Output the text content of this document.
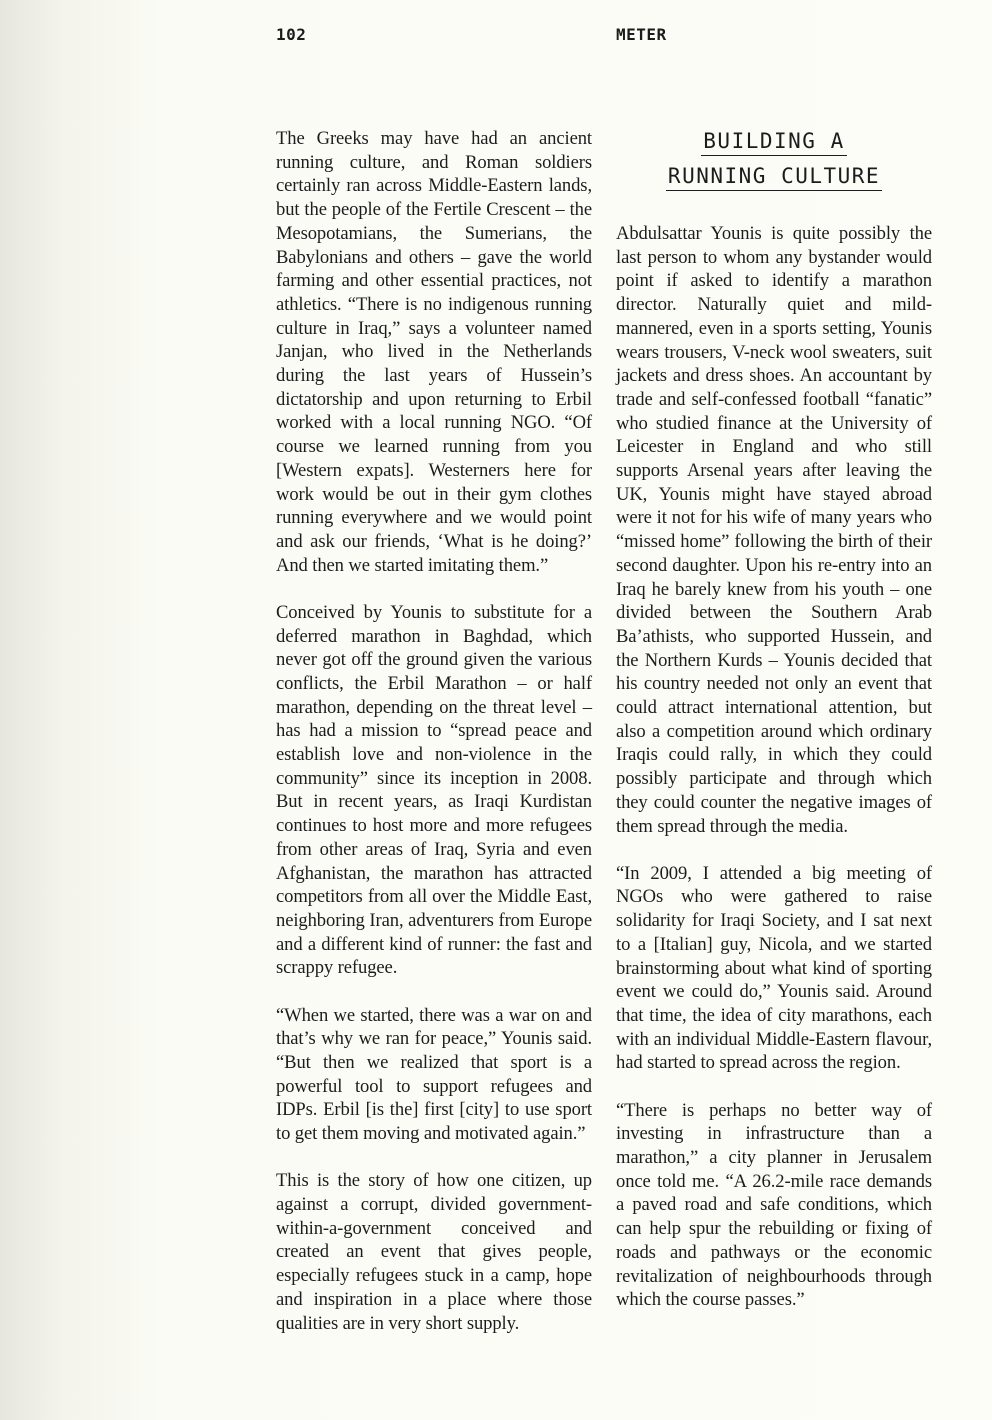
102	METER

The Greeks may have had an ancient running culture, and Roman soldiers certainly ran across Middle-Eastern lands, but the people of the Fertile Crescent – the Mesopotamians, the Sumerians, the Babylonians and others – gave the world farming and other essential practices, not athletics. “There is no indigenous running culture in Iraq,” says a volunteer named Janjan, who lived in the Netherlands during the last years of Hussein’s dictatorship and upon returning to Erbil worked with a local running NGO. “Of course we learned running from you [Western expats]. Westerners here for work would be out in their gym clothes running everywhere and we would point and ask our friends, ‘What is he doing?’ And then we started imitating them.”

Conceived by Younis to substitute for a deferred marathon in Baghdad, which never got off the ground given the various conflicts, the Erbil Marathon – or half marathon, depending on the threat level – has had a mission to “spread peace and establish love and non-violence in the community” since its inception in 2008. But in recent years, as Iraqi Kurdistan continues to host more and more refugees from other areas of Iraq, Syria and even Afghanistan, the marathon has attracted competitors from all over the Middle East, neighboring Iran, adventurers from Europe and a different kind of runner: the fast and scrappy refugee.

“When we started, there was a war on and that’s why we ran for peace,” Younis said. “But then we realized that sport is a powerful tool to support refugees and IDPs. Erbil [is the] first [city] to use sport to get them moving and motivated again.”

This is the story of how one citizen, up against a corrupt, divided government-within-a-government conceived and created an event that gives people, especially refugees stuck in a camp, hope and inspiration in a place where those qualities are in very short supply.

BUILDING A
RUNNING CULTURE

Abdulsattar Younis is quite possibly the last person to whom any bystander would point if asked to identify a marathon director. Naturally quiet and mild-mannered, even in a sports setting, Younis wears trousers, V-neck wool sweaters, suit jackets and dress shoes. An accountant by trade and self-confessed football “fanatic” who studied finance at the University of Leicester in England and who still supports Arsenal years after leaving the UK, Younis might have stayed abroad were it not for his wife of many years who “missed home” following the birth of their second daughter. Upon his re-entry into an Iraq he barely knew from his youth – one divided between the Southern Arab Ba’athists, who supported Hussein, and the Northern Kurds – Younis decided that his country needed not only an event that could attract international attention, but also a competition around which ordinary Iraqis could rally, in which they could possibly participate and through which they could counter the negative images of them spread through the media.

“In 2009, I attended a big meeting of NGOs who were gathered to raise solidarity for Iraqi Society, and I sat next to a [Italian] guy, Nicola, and we started brainstorming about what kind of sporting event we could do,” Younis said. Around that time, the idea of city marathons, each with an individual Middle-Eastern flavour, had started to spread across the region.

“There is perhaps no better way of investing in infrastructure than a marathon,” a city planner in Jerusalem once told me. “A 26.2-mile race demands a paved road and safe conditions, which can help spur the rebuilding or fixing of roads and pathways or the economic revitalization of neighbourhoods through which the course passes.”
